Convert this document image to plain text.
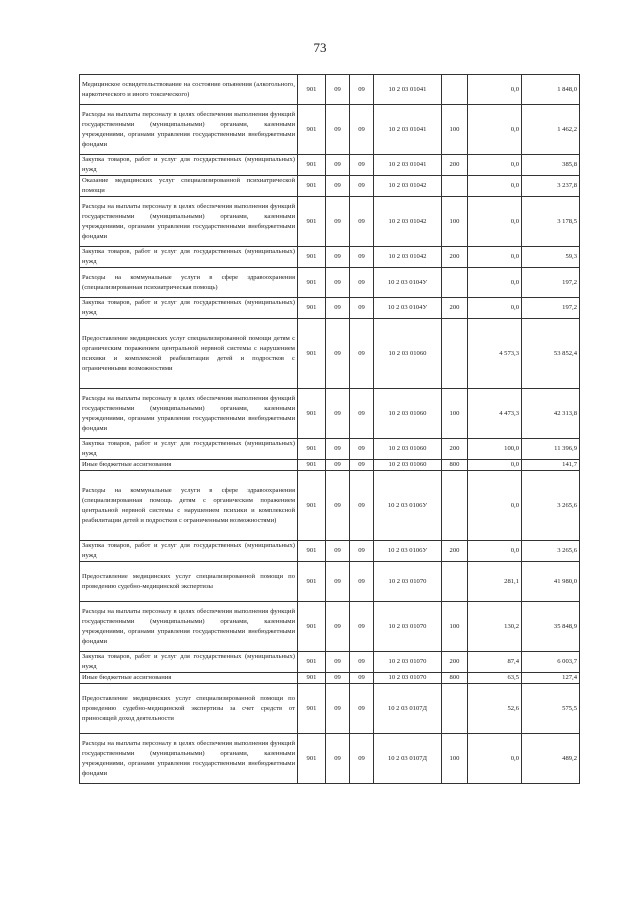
73
Медицинское освидетельствование на состояние опьянения (алкогольного, наркотического и иного токсического)	901	09	09	10 2 03 01041		0,0	1 848,0
Расходы на выплаты персоналу в целях обеспечения выполнения функций государственными (муниципальными) органами, казенными учреждениями, органами управления государственными внебюджетными фондами	901	09	09	10 2 03 01041	100	0,0	1 462,2
Закупка товаров, работ и услуг для государственных (муниципальных) нужд	901	09	09	10 2 03 01041	200	0,0	385,8
Оказание медицинских услуг специализированной психиатрической помощи	901	09	09	10 2 03 01042		0,0	3 237,8
Расходы на выплаты персоналу в целях обеспечения выполнения функций государственными (муниципальными) органами, казенными учреждениями, органами управления государственными внебюджетными фондами	901	09	09	10 2 03 01042	100	0,0	3 178,5
Закупка товаров, работ и услуг для государственных (муниципальных) нужд	901	09	09	10 2 03 01042	200	0,0	59,3
Расходы на коммунальные услуги в сфере здравоохранения (специализированная психиатрическая помощь)	901	09	09	10 2 03 0104У		0,0	197,2
Закупка товаров, работ и услуг для государственных (муниципальных) нужд	901	09	09	10 2 03 0104У	200	0,0	197,2
Предоставление медицинских услуг специализированной помощи детям с органическим поражением центральной нервной системы с нарушением психики и комплексной реабилитации детей и подростков с ограниченными возможностями	901	09	09	10 2 03 01060		4 573,3	53 852,4
Расходы на выплаты персоналу в целях обеспечения выполнения функций государственными (муниципальными) органами, казенными учреждениями, органами управления государственными внебюджетными фондами	901	09	09	10 2 03 01060	100	4 473,3	42 313,8
Закупка товаров, работ и услуг для государственных (муниципальных) нужд	901	09	09	10 2 03 01060	200	100,0	11 396,9
Иные бюджетные ассигнования	901	09	09	10 2 03 01060	800	0,0	141,7
Расходы на коммунальные услуги в сфере здравоохранения (специализированная помощь детям с органическим поражением центральной нервной системы с нарушением психики и комплексной реабилитации детей и подростков с ограниченными возможностями)	901	09	09	10 2 03 0106У		0,0	3 265,6
Закупка товаров, работ и услуг для государственных (муниципальных) нужд	901	09	09	10 2 03 0106У	200	0,0	3 265,6
Предоставление медицинских услуг специализированной помощи по проведению судебно-медицинской экспертизы	901	09	09	10 2 03 01070		281,1	41 980,0
Расходы на выплаты персоналу в целях обеспечения выполнения функций государственными (муниципальными) органами, казенными учреждениями, органами управления государственными внебюджетными фондами	901	09	09	10 2 03 01070	100	130,2	35 848,9
Закупка товаров, работ и услуг для государственных (муниципальных) нужд	901	09	09	10 2 03 01070	200	87,4	6 003,7
Иные бюджетные ассигнования	901	09	09	10 2 03 01070	800	63,5	127,4
Предоставление медицинских услуг специализированной помощи по проведению судебно-медицинской экспертизы за счет средств от приносящей доход деятельности	901	09	09	10 2 03 0107Д		52,6	575,5
Расходы на выплаты персоналу в целях обеспечения выполнения функций государственными (муниципальными) органами, казенными учреждениями, органами управления государственными внебюджетными фондами	901	09	09	10 2 03 0107Д	100	0,0	489,2
